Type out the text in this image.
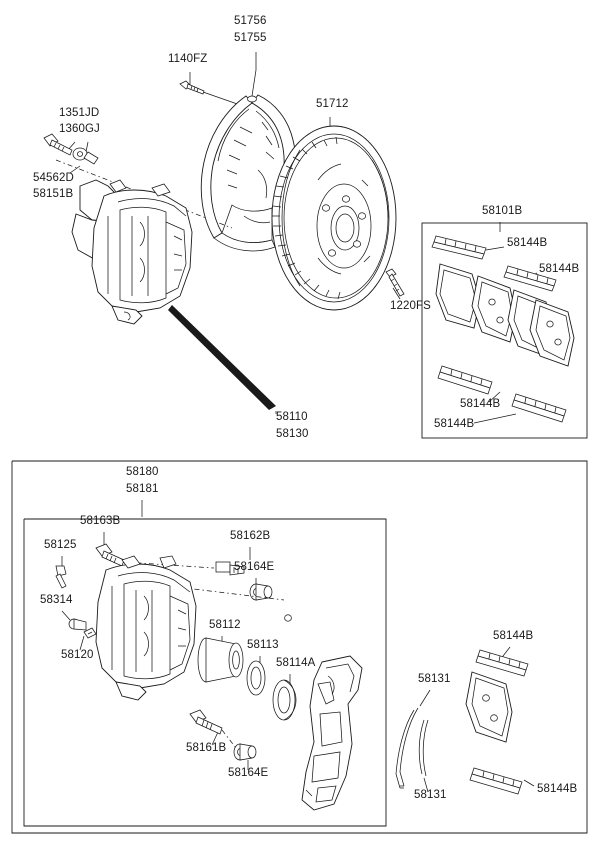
51756
51755
1140FZ
51712
1351JD
1360GJ
54562D
58151B
58101B
58144B
58144B
1220FS
58144B
58144B
58110
58130
58180
58181
58163B
58125
58162B
58164E
58314
58120
58112
58113
58114A
58144B
58131
58161B
58164E
58131	58144B
